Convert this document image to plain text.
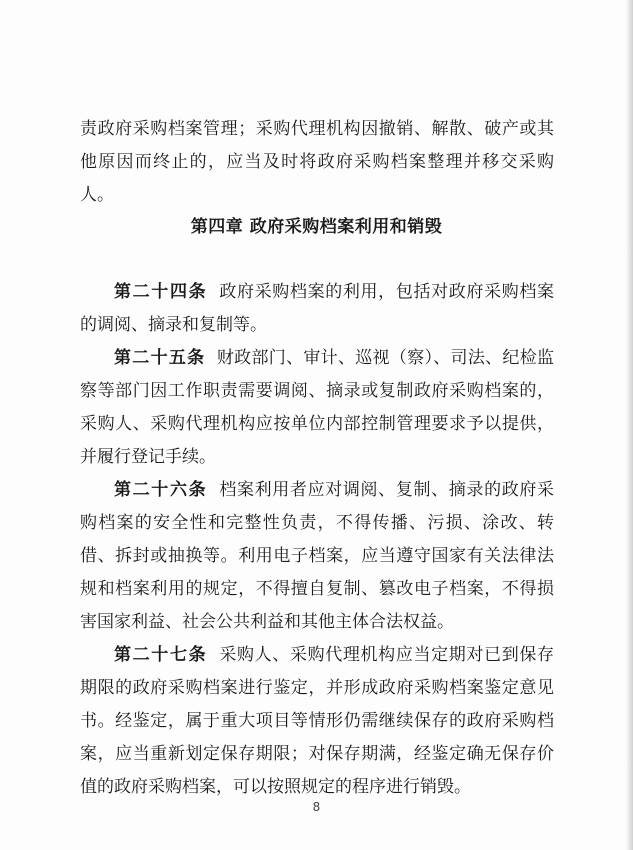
责政府采购档案管理；采购代理机构因撤销、解散、破产或其他原因而终止的，应当及时将政府采购档案整理并移交采购人。

第四章 政府采购档案利用和销毁

第二十四条 政府采购档案的利用，包括对政府采购档案的调阅、摘录和复制等。

第二十五条 财政部门、审计、巡视（察）、司法、纪检监察等部门因工作职责需要调阅、摘录或复制政府采购档案的，采购人、采购代理机构应按单位内部控制管理要求予以提供，并履行登记手续。

第二十六条 档案利用者应对调阅、复制、摘录的政府采购档案的安全性和完整性负责，不得传播、污损、涂改、转借、拆封或抽换等。利用电子档案，应当遵守国家有关法律法规和档案利用的规定，不得擅自复制、篡改电子档案，不得损害国家利益、社会公共利益和其他主体合法权益。

第二十七条 采购人、采购代理机构应当定期对已到保存期限的政府采购档案进行鉴定，并形成政府采购档案鉴定意见书。经鉴定，属于重大项目等情形仍需继续保存的政府采购档案，应当重新划定保存期限；对保存期满，经鉴定确无保存价值的政府采购档案，可以按照规定的程序进行销毁。

8
